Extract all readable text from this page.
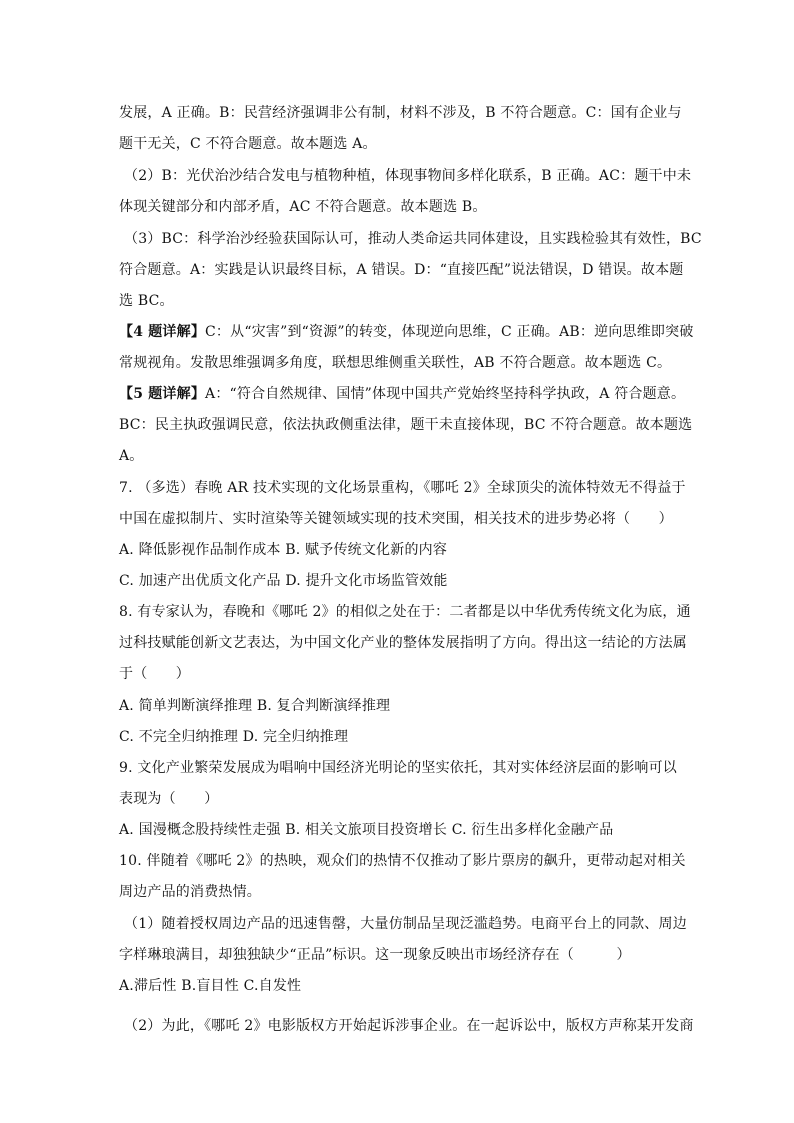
发展，A 正确。B：民营经济强调非公有制，材料不涉及，B 不符合题意。C：国有企业与
题干无关，C 不符合题意。故本题选 A。
（2）B：光伏治沙结合发电与植物种植，体现事物间多样化联系，B 正确。AC：题干中未
体现关键部分和内部矛盾，AC 不符合题意。故本题选 B。
（3）BC：科学治沙经验获国际认可，推动人类命运共同体建设，且实践检验其有效性，BC
符合题意。A：实践是认识最终目标，A 错误。D：“直接匹配”说法错误，D 错误。故本题
选 BC。
【4 题详解】C：从“灾害”到“资源”的转变，体现逆向思维，C 正确。AB：逆向思维即突破
常规视角。发散思维强调多角度，联想思维侧重关联性，AB 不符合题意。故本题选 C。
【5 题详解】A：“符合自然规律、国情”体现中国共产党始终坚持科学执政，A 符合题意。
BC：民主执政强调民意，依法执政侧重法律，题干未直接体现，BC 不符合题意。故本题选
A。
7. （多选）春晚 AR 技术实现的文化场景重构，《哪吒 2》全球顶尖的流体特效无不得益于
中国在虚拟制片、实时渲染等关键领域实现的技术突围，相关技术的进步势必将（　　）
A. 降低影视作品制作成本 B. 赋予传统文化新的内容
C. 加速产出优质文化产品 D. 提升文化市场监管效能
8. 有专家认为，春晚和《哪吒 2》的相似之处在于：二者都是以中华优秀传统文化为底，通
过科技赋能创新文艺表达，为中国文化产业的整体发展指明了方向。得出这一结论的方法属
于（　　）
A. 简单判断演绎推理 B. 复合判断演绎推理
C. 不完全归纳推理 D. 完全归纳推理
9. 文化产业繁荣发展成为唱响中国经济光明论的坚实依托，其对实体经济层面的影响可以
表现为（　　）
A. 国漫概念股持续性走强 B. 相关文旅项目投资增长 C. 衍生出多样化金融产品
10. 伴随着《哪吒 2》的热映，观众们的热情不仅推动了影片票房的飙升，更带动起对相关
周边产品的消费热情。
（1）随着授权周边产品的迅速售罄，大量仿制品呈现泛滥趋势。电商平台上的同款、周边
字样琳琅满目，却独独缺少“正品”标识。这一现象反映出市场经济存在（　　　）
A.滞后性 B.盲目性 C.自发性
（2）为此，《哪吒 2》电影版权方开始起诉涉事企业。在一起诉讼中，版权方声称某开发商
